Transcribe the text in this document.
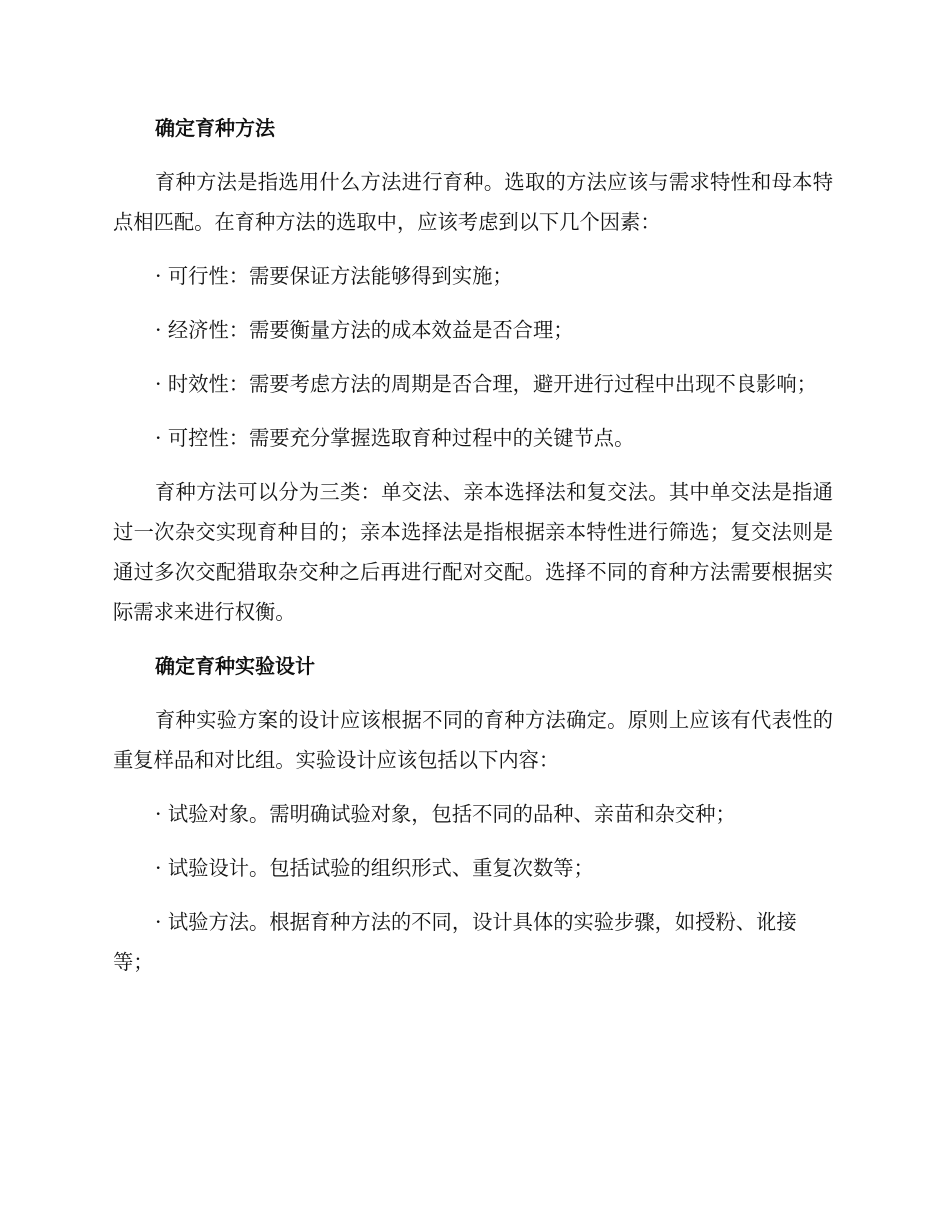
确定育种方法

育种方法是指选用什么方法进行育种。选取的方法应该与需求特性和母本特点相匹配。在育种方法的选取中，应该考虑到以下几个因素：

· 可行性：需要保证方法能够得到实施；

· 经济性：需要衡量方法的成本效益是否合理；

· 时效性：需要考虑方法的周期是否合理，避开进行过程中出现不良影响；

· 可控性：需要充分掌握选取育种过程中的关键节点。

育种方法可以分为三类：单交法、亲本选择法和复交法。其中单交法是指通过一次杂交实现育种目的；亲本选择法是指根据亲本特性进行筛选；复交法则是通过多次交配猎取杂交种之后再进行配对交配。选择不同的育种方法需要根据实际需求来进行权衡。

确定育种实验设计

育种实验方案的设计应该根据不同的育种方法确定。原则上应该有代表性的重复样品和对比组。实验设计应该包括以下内容：

· 试验对象。需明确试验对象，包括不同的品种、亲苗和杂交种；

· 试验设计。包括试验的组织形式、重复次数等；

· 试验方法。根据育种方法的不同，设计具体的实验步骤，如授粉、讹接等；
